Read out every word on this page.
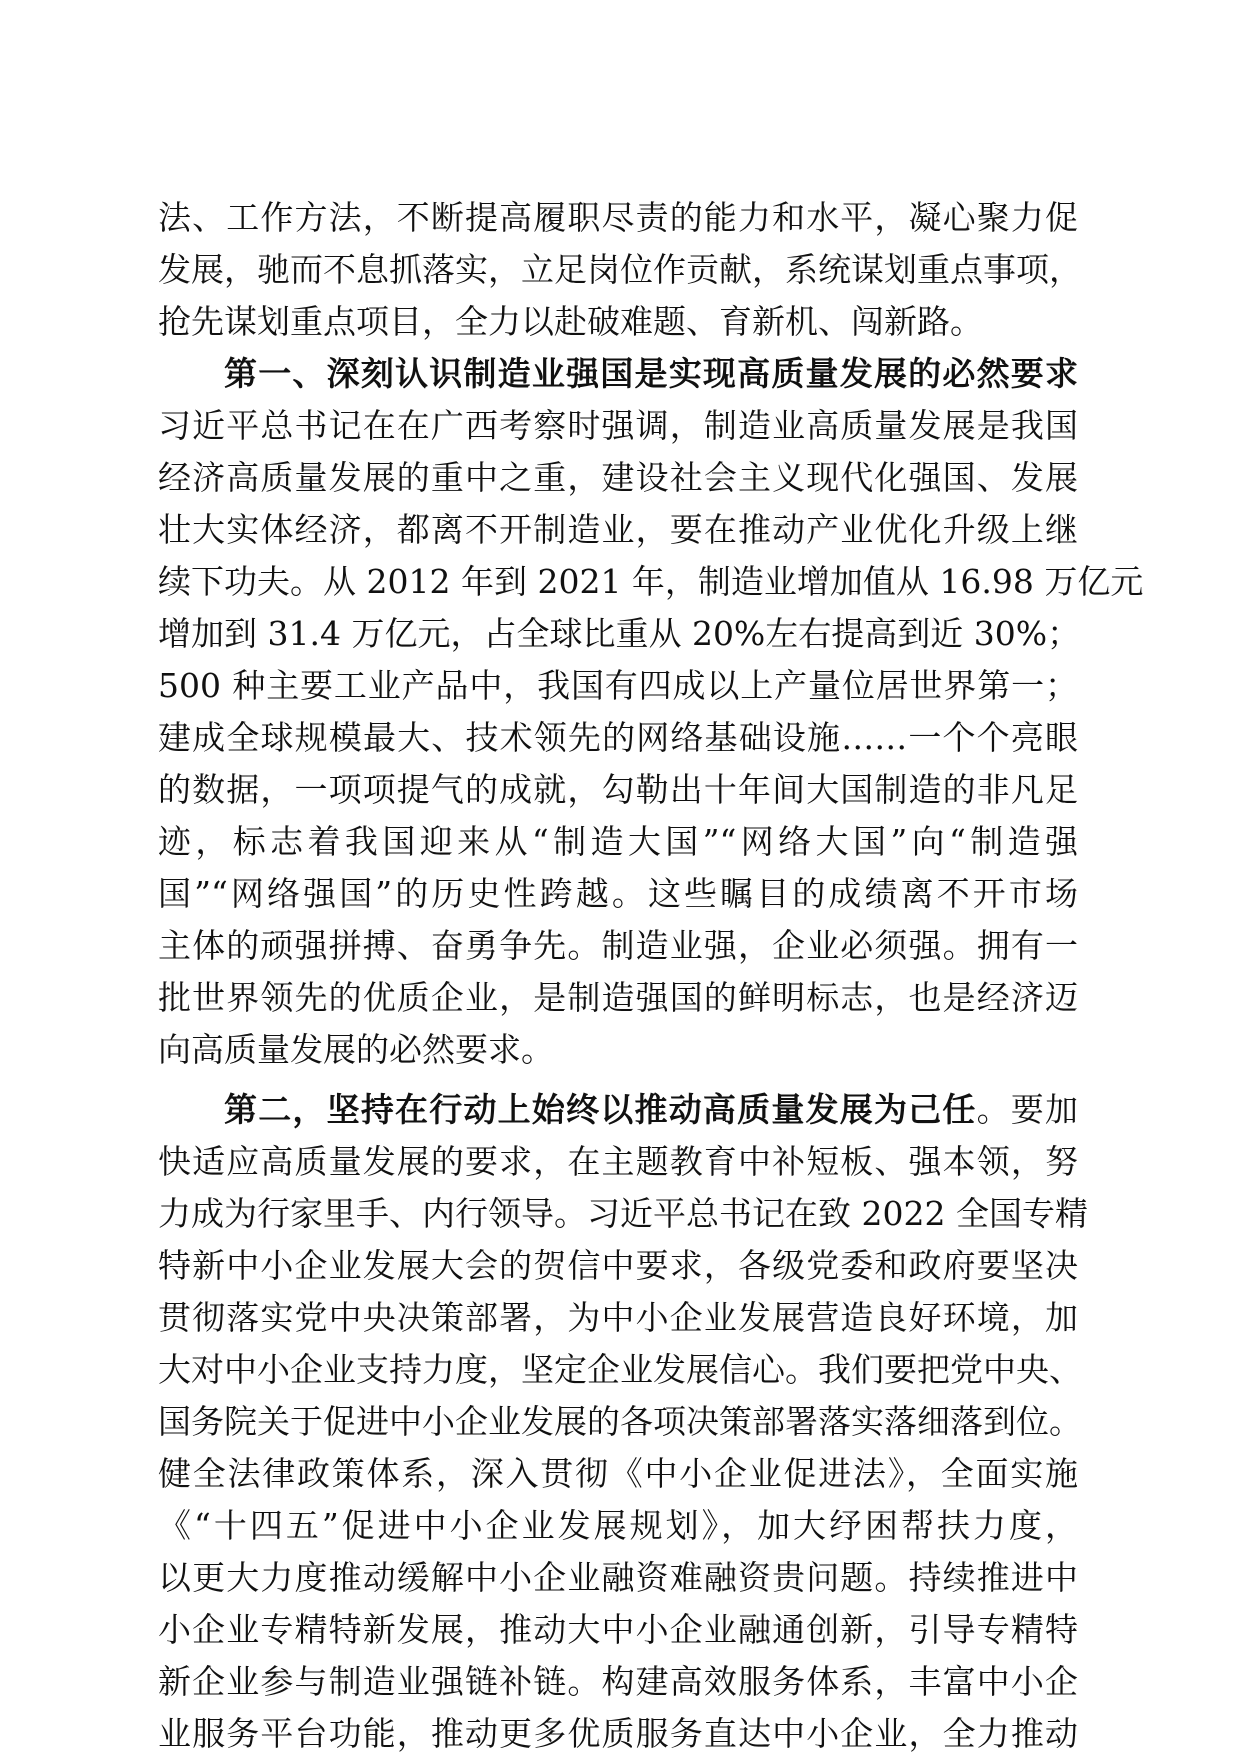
法、工作方法，不断提高履职尽责的能力和水平，凝心聚力促
发展，驰而不息抓落实，立足岗位作贡献，系统谋划重点事项，
抢先谋划重点项目，全力以赴破难题、育新机、闯新路。
第一、深刻认识制造业强国是实现高质量发展的必然要求
习近平总书记在在广西考察时强调，制造业高质量发展是我国
经济高质量发展的重中之重，建设社会主义现代化强国、发展
壮大实体经济，都离不开制造业，要在推动产业优化升级上继
续下功夫。从 2012 年到 2021 年，制造业增加值从 16.98 万亿元
增加到 31.4 万亿元，占全球比重从 20%左右提高到近 30%；
500 种主要工业产品中，我国有四成以上产量位居世界第一；
建成全球规模最大、技术领先的网络基础设施……一个个亮眼
的数据，一项项提气的成就，勾勒出十年间大国制造的非凡足
迹，标志着我国迎来从“制造大国”“网络大国”向“制造强
国”“网络强国”的历史性跨越。这些瞩目的成绩离不开市场
主体的顽强拼搏、奋勇争先。制造业强，企业必须强。拥有一
批世界领先的优质企业，是制造强国的鲜明标志，也是经济迈
向高质量发展的必然要求。
第二，坚持在行动上始终以推动高质量发展为己任。要加
快适应高质量发展的要求，在主题教育中补短板、强本领，努
力成为行家里手、内行领导。习近平总书记在致 2022 全国专精
特新中小企业发展大会的贺信中要求，各级党委和政府要坚决
贯彻落实党中央决策部署，为中小企业发展营造良好环境，加
大对中小企业支持力度，坚定企业发展信心。我们要把党中央、
国务院关于促进中小企业发展的各项决策部署落实落细落到位。
健全法律政策体系，深入贯彻《中小企业促进法》，全面实施
《“十四五”促进中小企业发展规划》，加大纾困帮扶力度，
以更大力度推动缓解中小企业融资难融资贵问题。持续推进中
小企业专精特新发展，推动大中小企业融通创新，引导专精特
新企业参与制造业强链补链。构建高效服务体系，丰富中小企
业服务平台功能，推动更多优质服务直达中小企业，全力推动
